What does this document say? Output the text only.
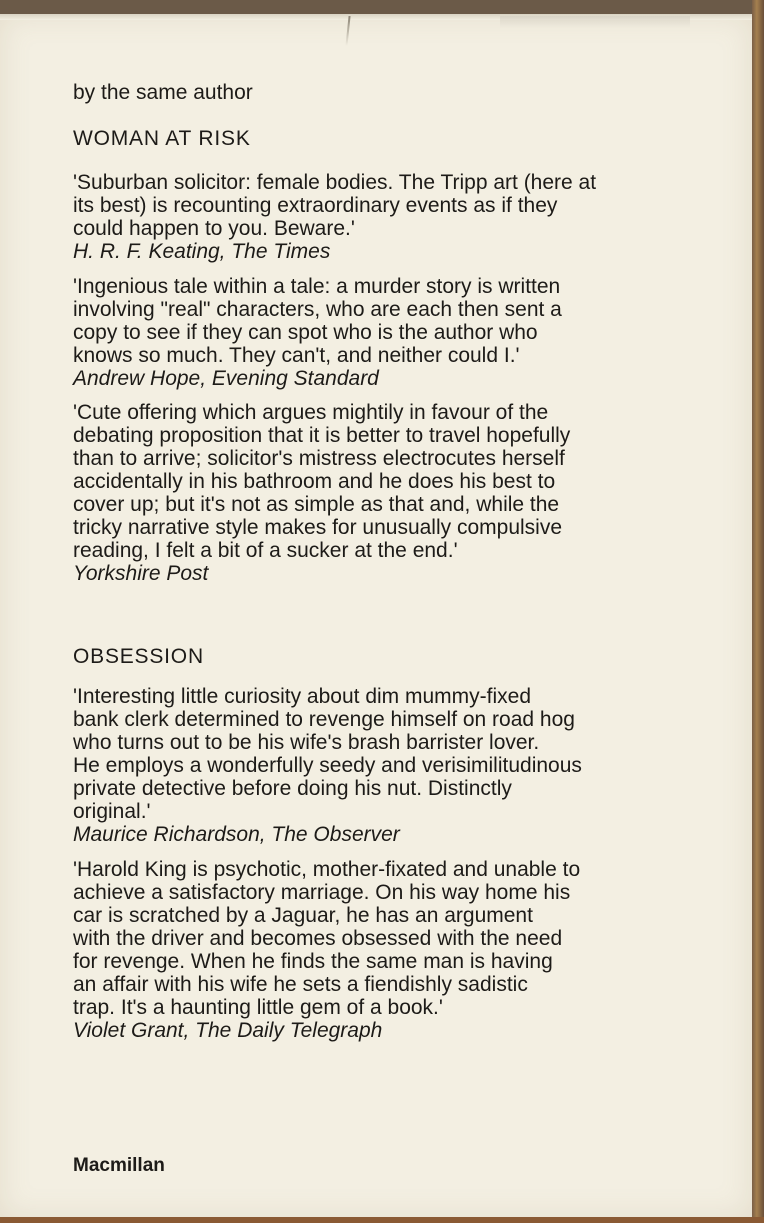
by the same author

WOMAN AT RISK

'Suburban solicitor: female bodies. The Tripp art (here at

its best) is recounting extraordinary events as if they

could happen to you. Beware.'

H. R. F. Keating, The Times

'Ingenious tale within a tale: a murder story is written

involving "real" characters, who are each then sent a

copy to see if they can spot who is the author who

knows so much. They can't, and neither could I.'

Andrew Hope, Evening Standard

'Cute offering which argues mightily in favour of the

debating proposition that it is better to travel hopefully

than to arrive; solicitor's mistress electrocutes herself

accidentally in his bathroom and he does his best to

cover up; but it's not as simple as that and, while the

tricky narrative style makes for unusually compulsive

reading, I felt a bit of a sucker at the end.'

Yorkshire Post

OBSESSION

'Interesting little curiosity about dim mummy-fixed

bank clerk determined to revenge himself on road hog

who turns out to be his wife's brash barrister lover.

He employs a wonderfully seedy and verisimilitudinous

private detective before doing his nut. Distinctly

original.'

Maurice Richardson, The Observer

'Harold King is psychotic, mother-fixated and unable to

achieve a satisfactory marriage. On his way home his

car is scratched by a Jaguar, he has an argument

with the driver and becomes obsessed with the need

for revenge. When he finds the same man is having

an affair with his wife he sets a fiendishly sadistic

trap. It's a haunting little gem of a book.'

Violet Grant, The Daily Telegraph

Macmillan
